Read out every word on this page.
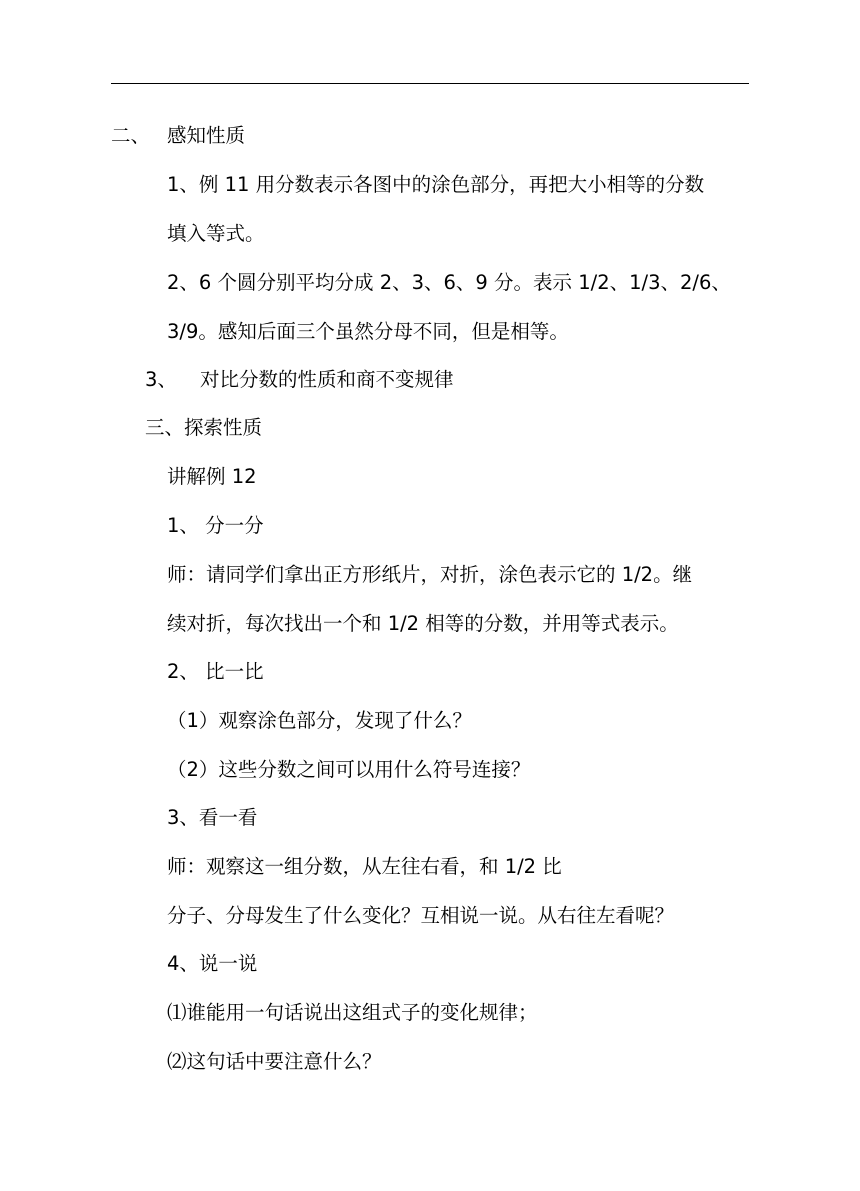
二、 感知性质

1、例 11 用分数表示各图中的涂色部分，再把大小相等的分数

填入等式。

2、6 个圆分别平均分成 2、3、6、9 分。表示 1/2、1/3、2/6、

3/9。感知后面三个虽然分母不同，但是相等。

3、 对比分数的性质和商不变规律

三、探索性质

讲解例 12

1、 分一分

师：请同学们拿出正方形纸片，对折，涂色表示它的 1/2。继

续对折，每次找出一个和 1/2 相等的分数，并用等式表示。

2、 比一比

（1）观察涂色部分，发现了什么？

（2）这些分数之间可以用什么符号连接？

3、看一看

师：观察这一组分数，从左往右看，和 1/2 比

分子、分母发生了什么变化？互相说一说。从右往左看呢？

4、说一说

⑴谁能用一句话说出这组式子的变化规律；

⑵这句话中要注意什么？
